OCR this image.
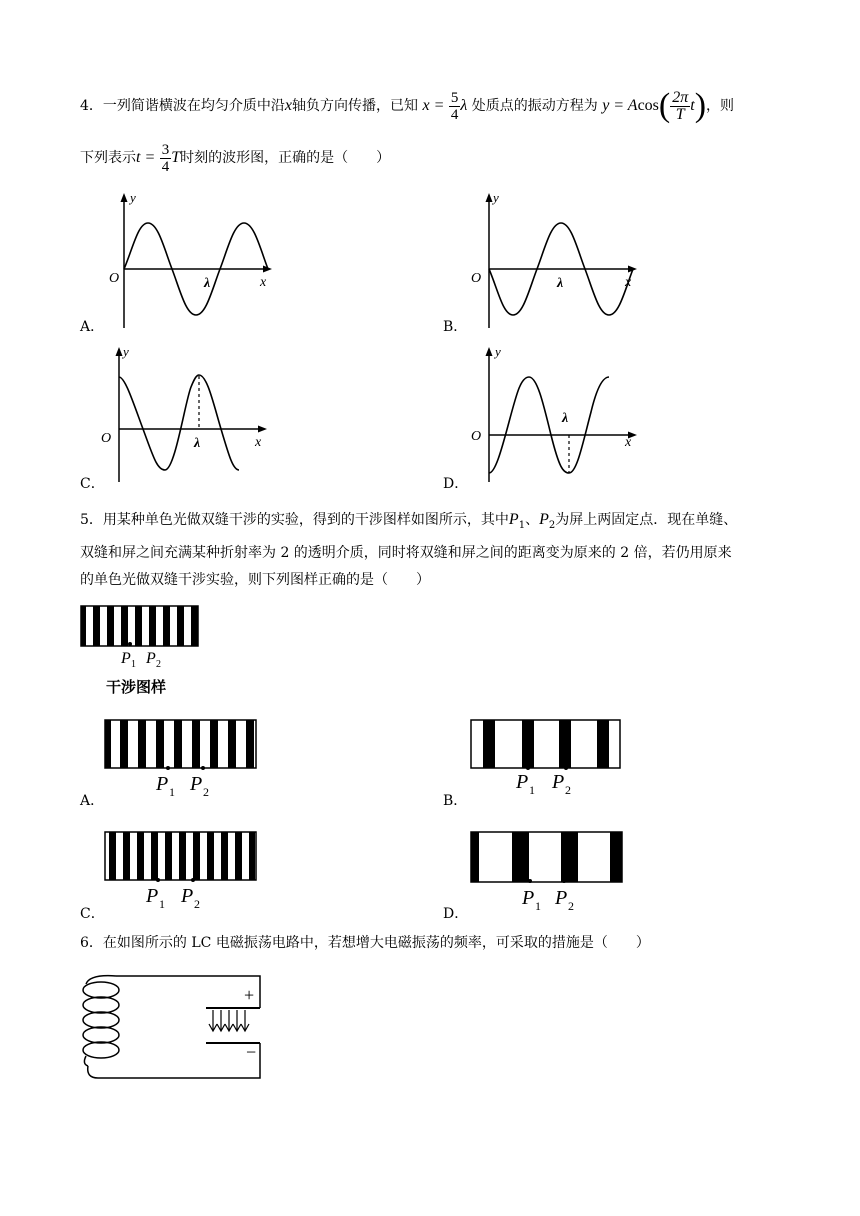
4．一列简谐横波在均匀介质中沿x轴负方向传播，已知 $x = \frac{5}{4}$ λ 处质点的振动方程为 $y = Acos( \frac{2\pi}{T} t)$，则
下列表示$t = \frac{3}{4}$ T时刻的波形图，正确的是（　　）
y
O	λ	x
A．
y
O	λ	x
B．
y
O	λ	x
C．
y
O
λ
x
D．
5．用某种单色光做双缝干涉的实验，得到的干涉图样如图所示，其中$P_1$、$P_2$为屏上两固定点．现在单缝、
双缝和屏之间充满某种折射率为 2 的透明介质，同时将双缝和屏之间的距离变为原来的 2 倍，若仍用原来
的单色光做双缝干涉实验，则下列图样正确的是（　　）
P 1 P 2
干涉图样
P 1 P 2
A．
P 1 P 2
B．
P 1 P 2
C．
P 1 P 2
D．
6．在如图所示的 LC 电磁振荡电路中，若想增大电磁振荡的频率，可采取的措施是（　　）
+
−
